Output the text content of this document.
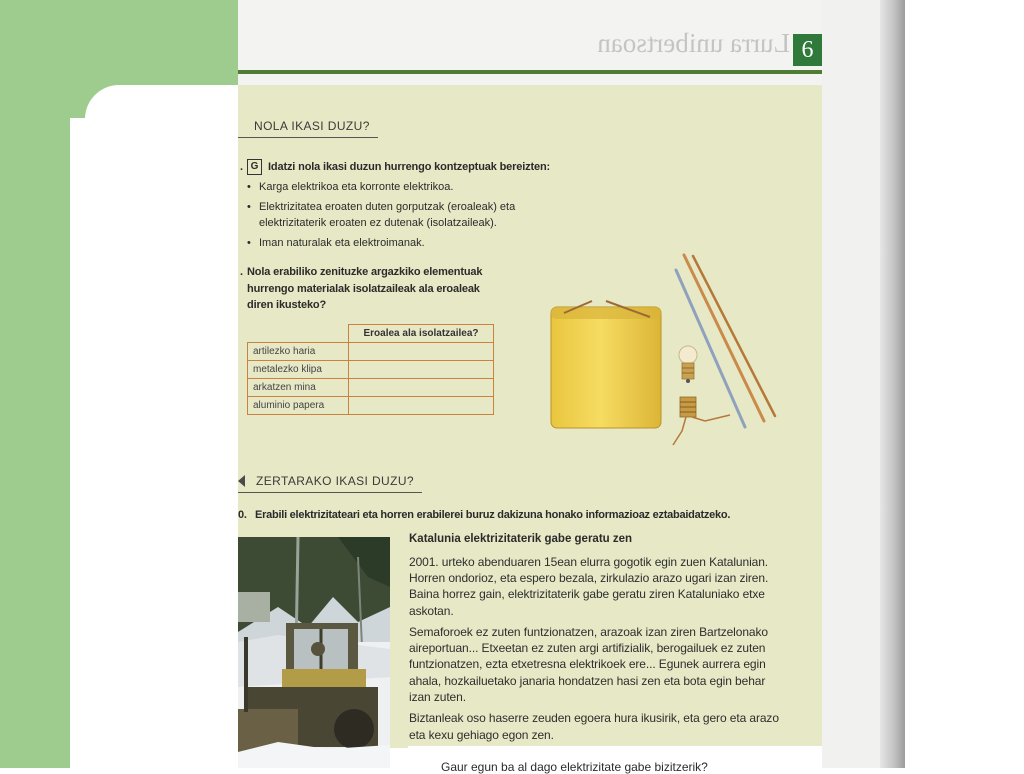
Lurra unibertsoan 6
NOLA IKASI DUZU?
. G Idatzi nola ikasi duzun hurrengo kontzeptuak bereizten:
• Karga elektrikoa eta korronte elektrikoa.
• Elektrizitatea eroaten duten gorputzak (eroaleak) eta
elektrizitaterik eroaten ez dutenak (isolatzaileak).
• Iman naturalak eta elektroimanak.
. Nola erabiliko zenituzke argazkiko elementuak
hurrengo materialak isolatzaileak ala eroaleak
diren ikusteko?
	Eroalea ala isolatzailea?
artilezko haria	
metalezko klipa	
arkatzen mina	
aluminio papera	
ZERTARAKO IKASI DUZU?
0. Erabili elektrizitateari eta horren erabilerei buruz dakizuna honako informazioaz eztabaidatzeko.
Katalunia elektrizitaterik gabe geratu zen
2001. urteko abenduaren 15ean elurra gogotik egin zuen Katalunian.
Horren ondorioz, eta espero bezala, zirkulazio arazo ugari izan ziren.
Baina horrez gain, elektrizitaterik gabe geratu ziren Kataluniako etxe
askotan.
Semaforoek ez zuten funtzionatzen, arazoak izan ziren Bartzelonako
aireportuan... Etxeetan ez zuten argi artifizialik, berogailuek ez zuten
funtzionatzen, ezta etxetresna elektrikoek ere... Egunek aurrera egin
ahala, hozkailuetako janaria hondatzen hasi zen eta bota egin behar
izan zuten.
Biztanleak oso haserre zeuden egoera hura ikusirik, eta gero eta arazo
eta kexu gehiago egon zen.
Gaur egun ba al dago elektrizitate gabe bizitzerik?
